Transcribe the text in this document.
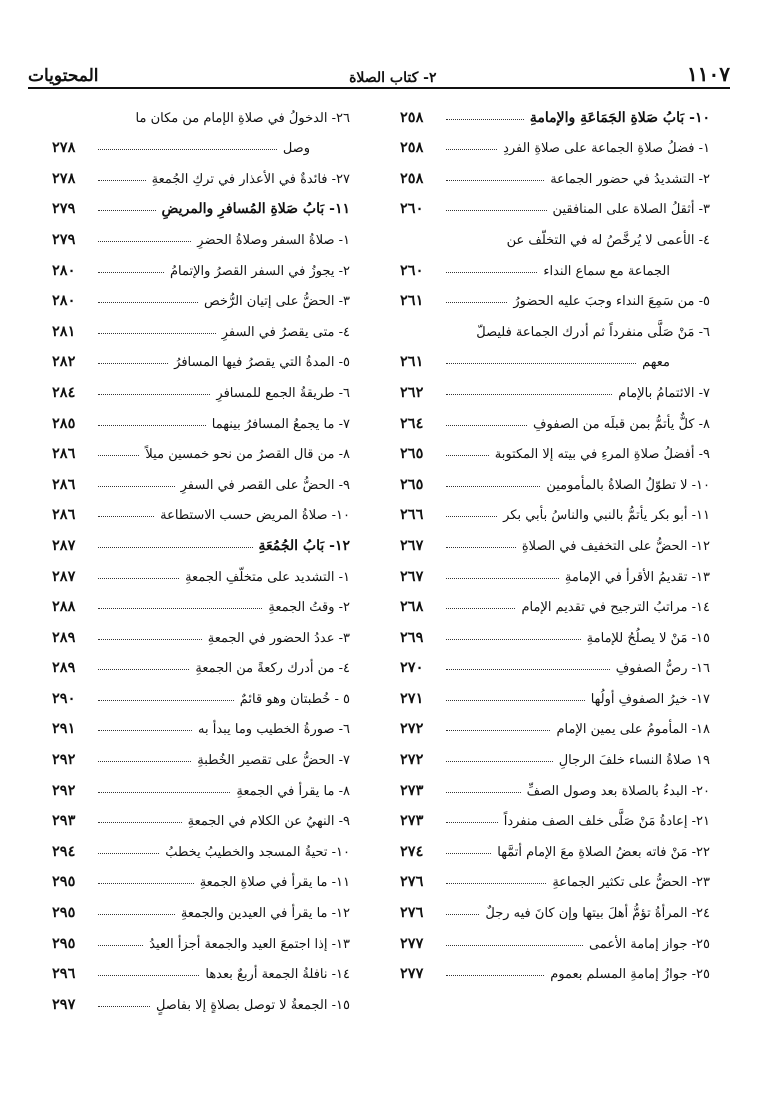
المحتويات	٢- كتاب الصلاة	١١٠٧
١٠- بَابُ صَلاةِ الجَمَاعَةِ والإمامةِ
٢٥٨
١- فضلُ صلاةِ الجماعة على صلاةِ الفردِ
٢٥٨
٢- التشديدُ في حضور الجماعة
٢٥٨
٣- أثقلُ الصلاة على المنافقين
٢٦٠
٤- الأعمى لا يُرخَّصُ له في التخلّف عن
الجماعة مع سماع النداء
٢٦٠
٥- من سَمِعَ النداء وجبَ عليه الحضورُ
٢٦١
٦- مَنْ صَلَّى منفرداً ثم أدرك الجماعة فليصلّ
معهم
٢٦١
٧- الائتمامُ بالإمام
٢٦٢
٨- كلٌّ يأتمُّ بمن قبلَه من الصفوفِ
٢٦٤
٩- أفضلُ صلاةِ المرءِ في بيته إلا المكتوبة
٢٦٥
١٠- لا تطوّلُ الصلاةُ بالمأمومين
٢٦٥
١١- أبو بكر يأتمُّ بالنبي والناسُ بأبي بكر
٢٦٦
١٢- الحضُّ على التخفيف في الصلاةِ
٢٦٧
١٣- تقديمُ الأقرأ في الإمامةِ
٢٦٧
١٤- مراتبُ الترجيح في تقديم الإمام
٢٦٨
١٥- مَنْ لا يصلُحُ للإمامةِ
٢٦٩
١٦- رصُّ الصفوفِ
٢٧٠
١٧- خيرُ الصفوفِ أولُها
٢٧١
١٨- المأمومُ على يمين الإمام
٢٧٢
١٩ صلاةُ النساء خلفَ الرجالِ
٢٧٢
٢٠- البدءُ بالصلاة بعد وصول الصفِّ
٢٧٣
٢١- إعادةُ مَنْ صَلَّى خلف الصف منفرداً
٢٧٣
٢٢- مَنْ فاته بعضُ الصلاةِ معَ الإمام أتمَّها
٢٧٤
٢٣- الحضُّ على تكثير الجماعةِ
٢٧٦
٢٤- المرأةُ تؤمُّ أهلَ بيتها وإن كانَ فيه رجلٌ
٢٧٦
٢٥- جواز إمامة الأعمى
٢٧٧
٢٥- جوازُ إمامةِ المسلم بعموم
٢٧٧
٢٦- الدخولُ في صلاةِ الإمام من مكان ما
وصل
٢٧٨
٢٧- فائدةٌ في الأعذار في تركِ الجُمعةِ
٢٧٨
١١- بَابُ صَلاةِ المُسافرِ والمريضِ
٢٧٩
١- صلاةُ السفر وصلاةُ الحضرِ
٢٧٩
٢- يجوزُ في السفر القصرُ والإتمامُ
٢٨٠
٣- الحضُّ على إتيان الرُّخص
٢٨٠
٤- متى يقصرُ في السفرِ
٢٨١
٥- المدةُ التي يقصرُ فيها المسافرُ
٢٨٢
٦- طريقةُ الجمع للمسافرِ
٢٨٤
٧- ما يجمعُ المسافرُ بينهما
٢٨٥
٨- من قال القصرُ من نحو خمسين ميلاً
٢٨٦
٩- الحضُّ على القصر في السفرِ
٢٨٦
١٠- صلاةُ المريض حسب الاستطاعة
٢٨٦
١٢- بَابُ الجُمُعَةِ
٢٨٧
١- التشديد على متخلّفِ الجمعةِ
٢٨٧
٢- وقتُ الجمعةِ
٢٨٨
٣- عددُ الحضور في الجمعةِ
٢٨٩
٤- من أدرك ركعةً من الجمعةِ
٢٨٩
٥ - خُطبتان وهو قائمٌ
٢٩٠
٦- صورةُ الخطيب وما يبدأ به
٢٩١
٧- الحضُّ على تقصير الخُطبةِ
٢٩٢
٨- ما يقرأ في الجمعةِ
٢٩٢
٩- النهيُ عن الكلام في الجمعةِ
٢٩٣
١٠- تحيةُ المسجد والخطيبُ يخطبُ
٢٩٤
١١- ما يقرأ في صلاةِ الجمعةِ
٢٩٥
١٢- ما يقرأ في العيدين والجمعةِ
٢٩٥
١٣- إذا اجتمعَ العيد والجمعة أجزأ العيدُ
٢٩٥
١٤- نافلةُ الجمعة أربعٌ بعدها
٢٩٦
١٥- الجمعةُ لا توصل بصلاةٍ إلا بفاصلٍ
٢٩٧
